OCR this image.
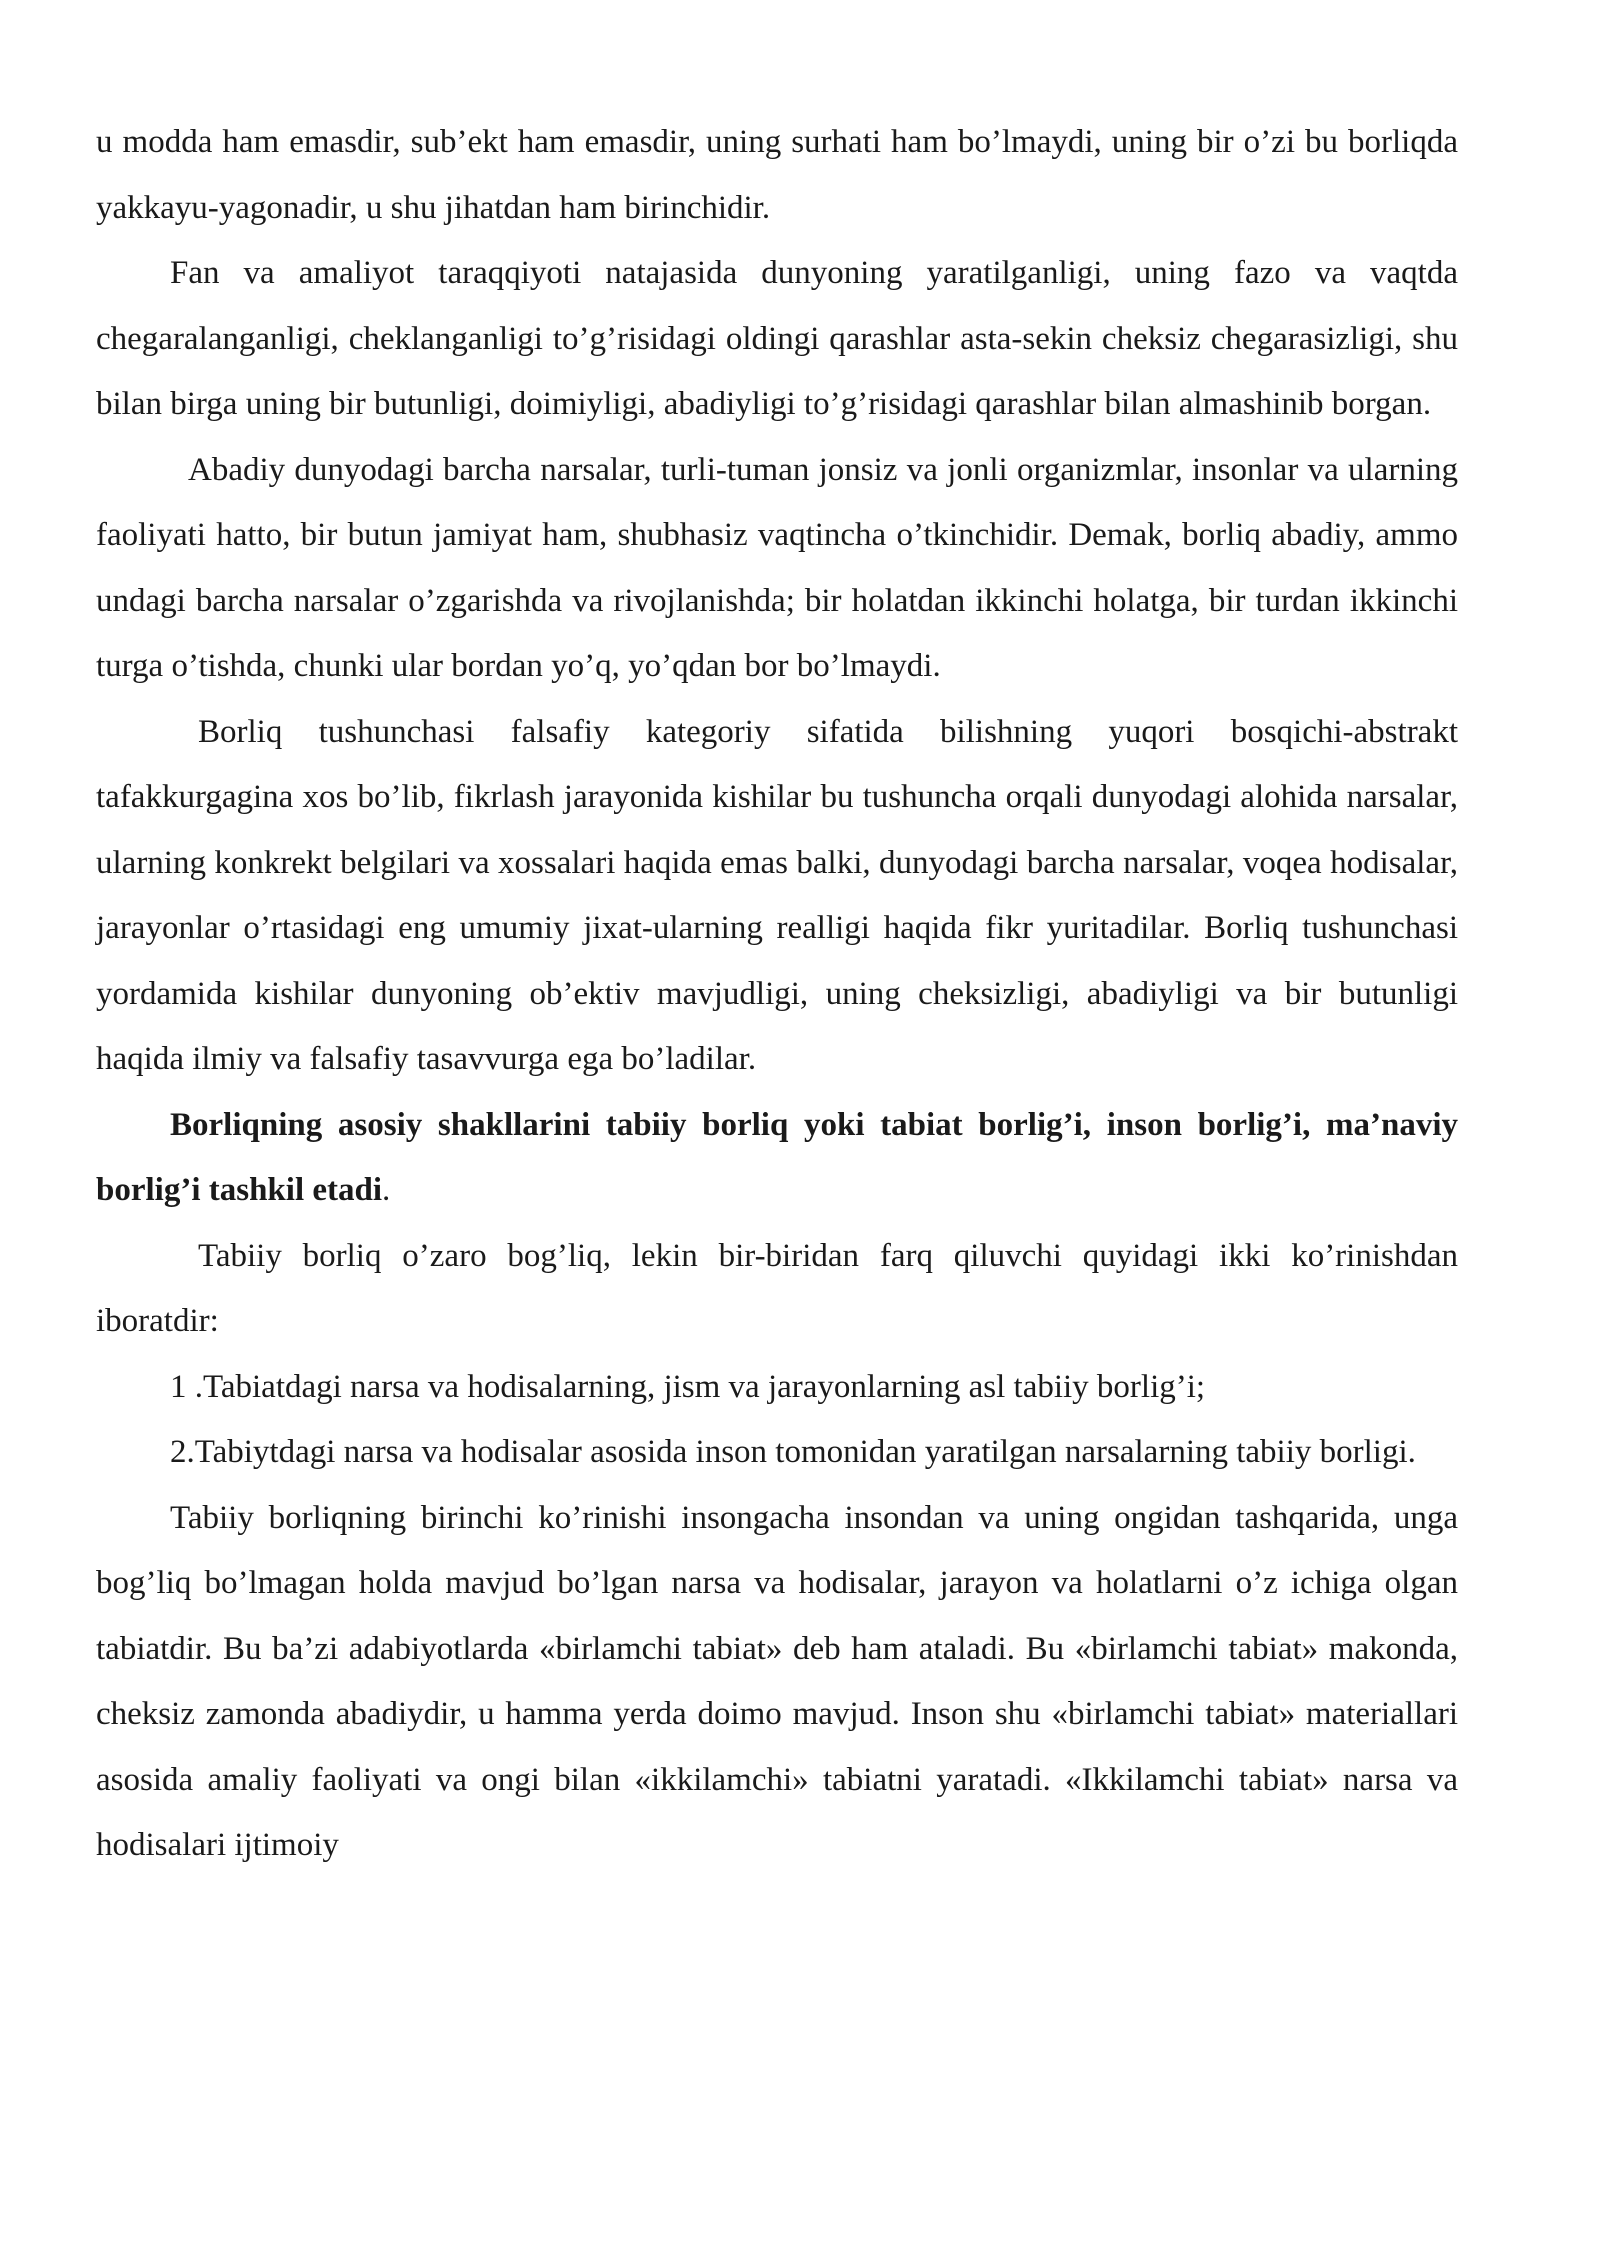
u modda ham emasdir, sub’ekt ham emasdir, uning surhati ham bo’lmaydi, uning bir o’zi bu borliqda yakkayu-yagonadir, u shu jihatdan ham birinchidir.

Fan va amaliyot taraqqiyoti natajasida dunyoning yaratilganligi, uning fazo va vaqtda chegaralanganligi, cheklanganligi to’g’risidagi oldingi qarashlar asta-sekin cheksiz chegarasizligi, shu bilan birga uning bir butunligi, doimiyligi, abadiyligi to’g’risidagi qarashlar bilan almashinib borgan.

Abadiy dunyodagi barcha narsalar, turli-tuman jonsiz va jonli organizmlar, insonlar va ularning faoliyati hatto, bir butun jamiyat ham, shubhasiz vaqtincha o’tkinchidir. Demak, borliq abadiy, ammo undagi barcha narsalar o’zgarishda va rivojlanishda; bir holatdan ikkinchi holatga, bir turdan ikkinchi turga o’tishda, chunki ular bordan yo’q, yo’qdan bor bo’lmaydi.

Borliq tushunchasi falsafiy kategoriy sifatida bilishning yuqori bosqichi-abstrakt tafakkurgagina xos bo’lib, fikrlash jarayonida kishilar bu tushuncha orqali dunyodagi alohida narsalar, ularning konkrekt belgilari va xossalari haqida emas balki, dunyodagi barcha narsalar, voqea hodisalar, jarayonlar o’rtasidagi eng umumiy jixat-ularning realligi haqida fikr yuritadilar. Borliq tushunchasi yordamida kishilar dunyoning ob’ektiv mavjudligi, uning cheksizligi, abadiyligi va bir butunligi haqida ilmiy va falsafiy tasavvurga ega bo’ladilar.

Borliqning asosiy shakllarini tabiiy borliq yoki tabiat borlig’i, inson borlig’i, ma’naviy borlig’i tashkil etadi.

Tabiiy borliq o’zaro bog’liq, lekin bir-biridan farq qiluvchi quyidagi ikki ko’rinishdan iboratdir:

1 .Tabiatdagi narsa va hodisalarning, jism va jarayonlarning asl tabiiy borlig’i;

2.Tabiytdagi narsa va hodisalar asosida inson tomonidan yaratilgan narsalarning tabiiy borligi.

Tabiiy borliqning birinchi ko’rinishi insongacha insondan va uning ongidan tashqarida, unga bog’liq bo’lmagan holda mavjud bo’lgan narsa va hodisalar, jarayon va holatlarni o’z ichiga olgan tabiatdir. Bu ba’zi adabiyotlarda «birlamchi tabiat» deb ham ataladi. Bu «birlamchi tabiat» makonda, cheksiz zamonda abadiydir, u hamma yerda doimo mavjud. Inson shu «birlamchi tabiat» materiallari asosida amaliy faoliyati va ongi bilan «ikkilamchi» tabiatni yaratadi. «Ikkilamchi tabiat» narsa va hodisalari ijtimoiy
